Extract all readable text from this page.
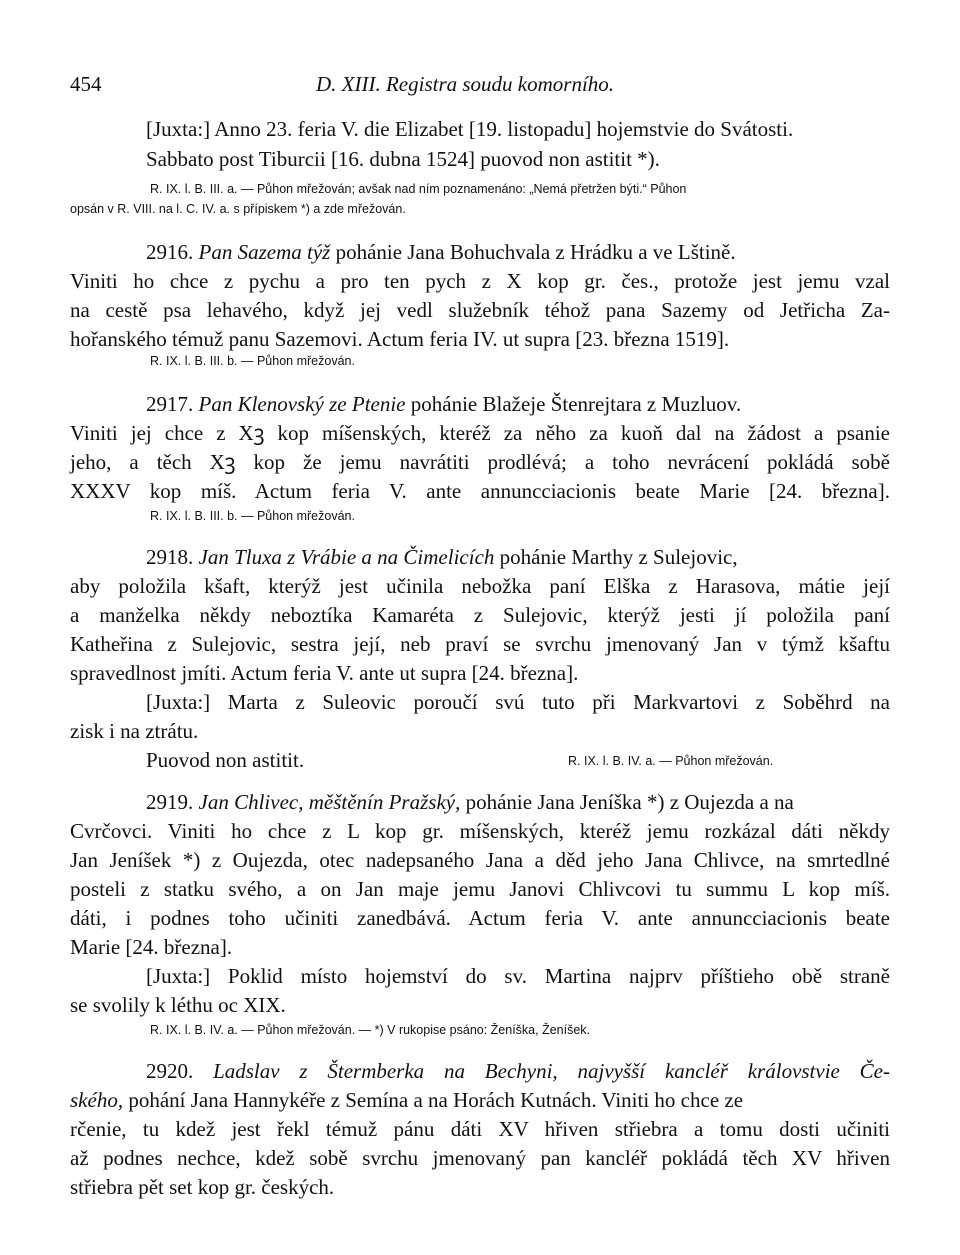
454	D. XIII. Registra soudu komorního.
[Juxta:] Anno 23. feria V. die Elizabet [19. listopadu] hojemstvie do Svátosti.
Sabbato post Tiburcii [16. dubna 1524] puovod non astitit *).
R. IX. l. B. III. a. — Půhon mřežován; avšak nad ním poznamenáno: „Nemá přetržen býti.“ Půhon
opsán v R. VIII. na l. C. IV. a. s přípiskem *) a zde mřežován.
2916. Pan Sazema týž pohánie Jana Bohuchvala z Hrádku a ve Lštině.
Viniti ho chce z pychu a pro ten pych z X kop gr. čes., protože jest jemu vzal
na cestě psa lehavého, když jej vedl služebník téhož pana Sazemy od Jetřicha Za-
hořanského témuž panu Sazemovi. Actum feria IV. ut supra [23. března 1519].
R. IX. l. B. III. b. — Půhon mřežován.
2917. Pan Klenovský ze Ptenie pohánie Blažeje Štenrejtara z Muzluov.
Viniti jej chce z Xꝫ kop míšenských, kteréž za něho za kuoň dal na žádost a psanie
jeho, a těch Xꝫ kop že jemu navrátiti prodlévá; a toho nevrácení pokládá sobě
XXXV kop míš. Actum feria V. ante annuncciacionis beate Marie [24. března].
R. IX. l. B. III. b. — Půhon mřežován.
2918. Jan Tluxa z Vrábie a na Čimelicích pohánie Marthy z Sulejovic,
aby položila kšaft, kterýž jest učinila nebožka paní Elška z Harasova, mátie její
a manželka někdy neboztíka Kamaréta z Sulejovic, kterýž jesti jí položila paní
Katheřina z Sulejovic, sestra její, neb praví se svrchu jmenovaný Jan v týmž kšaftu
spravedlnost jmíti. Actum feria V. ante ut supra [24. března].
[Juxta:] Marta z Suleovic poroučí svú tuto při Markvartovi z Soběhrd na
zisk i na ztrátu.
Puovod non astitit.	R. IX. l. B. IV. a. — Půhon mřežován.
2919. Jan Chlivec, měštěnín Pražský, pohánie Jana Jeníška *) z Oujezda a na
Cvrčovci. Viniti ho chce z L kop gr. míšenských, kteréž jemu rozkázal dáti někdy
Jan Jeníšek *) z Oujezda, otec nadepsaného Jana a děd jeho Jana Chlivce, na smrtedlné
posteli z statku svého, a on Jan maje jemu Janovi Chlivcovi tu summu L kop míš.
dáti, i podnes toho učiniti zanedbává. Actum feria V. ante annuncciacionis beate
Marie [24. března].
[Juxta:] Poklid místo hojemství do sv. Martina najprv příštieho obě straně
se svolily k léthu oc XIX.
R. IX. l. B. IV. a. — Půhon mřežován. — *) V rukopise psáno: Ženíška, Ženíšek.
2920. Ladslav z Štermberka na Bechyni, najvyšší kancléř královstvie Če-
ského, pohání Jana Hannykéře z Semína a na Horách Kutnách. Viniti ho chce ze
rčenie, tu kdež jest řekl témuž pánu dáti XV hřiven střiebra a tomu dosti učiniti
až podnes nechce, kdež sobě svrchu jmenovaný pan kancléř pokládá těch XV hřiven
střiebra pět set kop gr. českých.
